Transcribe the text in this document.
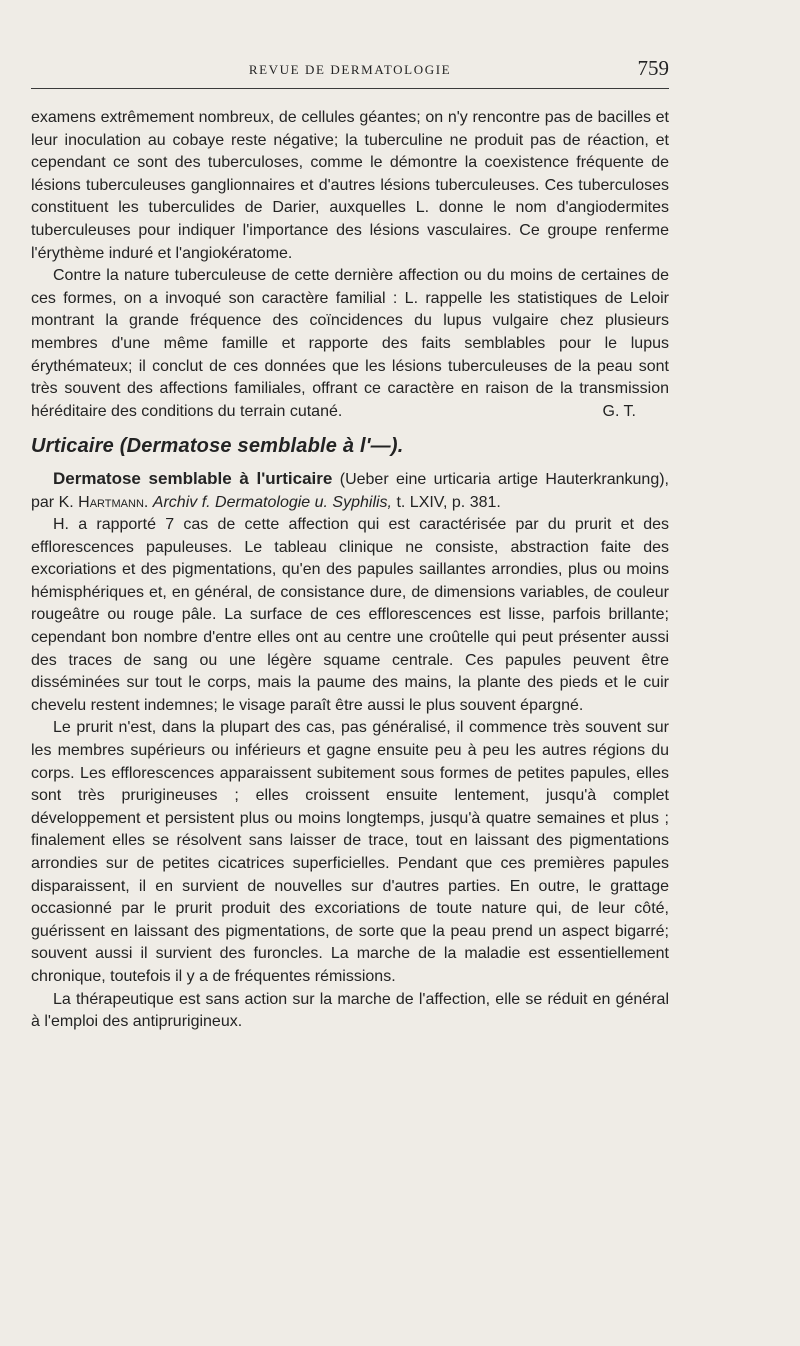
REVUE DE DERMATOLOGIE	759

examens extrêmement nombreux, de cellules géantes; on n'y rencontre pas de bacilles et leur inoculation au cobaye reste négative; la tuberculine ne produit pas de réaction, et cependant ce sont des tuberculoses, comme le démontre la coexistence fréquente de lésions tuberculeuses ganglionnaires et d'autres lésions tuberculeuses. Ces tuberculoses constituent les tuberculides de Darier, auxquelles L. donne le nom d'angiodermites tuberculeuses pour indiquer l'importance des lésions vasculaires. Ce groupe renferme l'érythème induré et l'angiokératome.

Contre la nature tuberculeuse de cette dernière affection ou du moins de certaines de ces formes, on a invoqué son caractère familial : L. rappelle les statistiques de Leloir montrant la grande fréquence des coïncidences du lupus vulgaire chez plusieurs membres d'une même famille et rapporte des faits semblables pour le lupus érythémateux; il conclut de ces données que les lésions tuberculeuses de la peau sont très souvent des affections familiales, offrant ce caractère en raison de la transmission héréditaire des conditions du terrain cutané.	G. T.

Urticaire (Dermatose semblable à l'—).

Dermatose semblable à l'urticaire (Ueber eine urticaria artige Hauterkrankung), par K. Hartmann. Archiv f. Dermatologie u. Syphilis, t. LXIV, p. 381.

H. a rapporté 7 cas de cette affection qui est caractérisée par du prurit et des efflorescences papuleuses. Le tableau clinique ne consiste, abstraction faite des excoriations et des pigmentations, qu'en des papules saillantes arrondies, plus ou moins hémisphériques et, en général, de consistance dure, de dimensions variables, de couleur rougeâtre ou rouge pâle. La surface de ces efflorescences est lisse, parfois brillante; cependant bon nombre d'entre elles ont au centre une croûtelle qui peut présenter aussi des traces de sang ou une légère squame centrale. Ces papules peuvent être disséminées sur tout le corps, mais la paume des mains, la plante des pieds et le cuir chevelu restent indemnes; le visage paraît être aussi le plus souvent épargné.

Le prurit n'est, dans la plupart des cas, pas généralisé, il commence très souvent sur les membres supérieurs ou inférieurs et gagne ensuite peu à peu les autres régions du corps. Les efflorescences apparaissent subitement sous formes de petites papules, elles sont très prurigineuses ; elles croissent ensuite lentement, jusqu'à complet développement et persistent plus ou moins longtemps, jusqu'à quatre semaines et plus ; finalement elles se résolvent sans laisser de trace, tout en laissant des pigmentations arrondies sur de petites cicatrices superficielles. Pendant que ces premières papules disparaissent, il en survient de nouvelles sur d'autres parties. En outre, le grattage occasionné par le prurit produit des excoriations de toute nature qui, de leur côté, guérissent en laissant des pigmentations, de sorte que la peau prend un aspect bigarré; souvent aussi il survient des furoncles. La marche de la maladie est essentiellement chronique, toutefois il y a de fréquentes rémissions.

La thérapeutique est sans action sur la marche de l'affection, elle se réduit en général à l'emploi des antiprurigineux.
